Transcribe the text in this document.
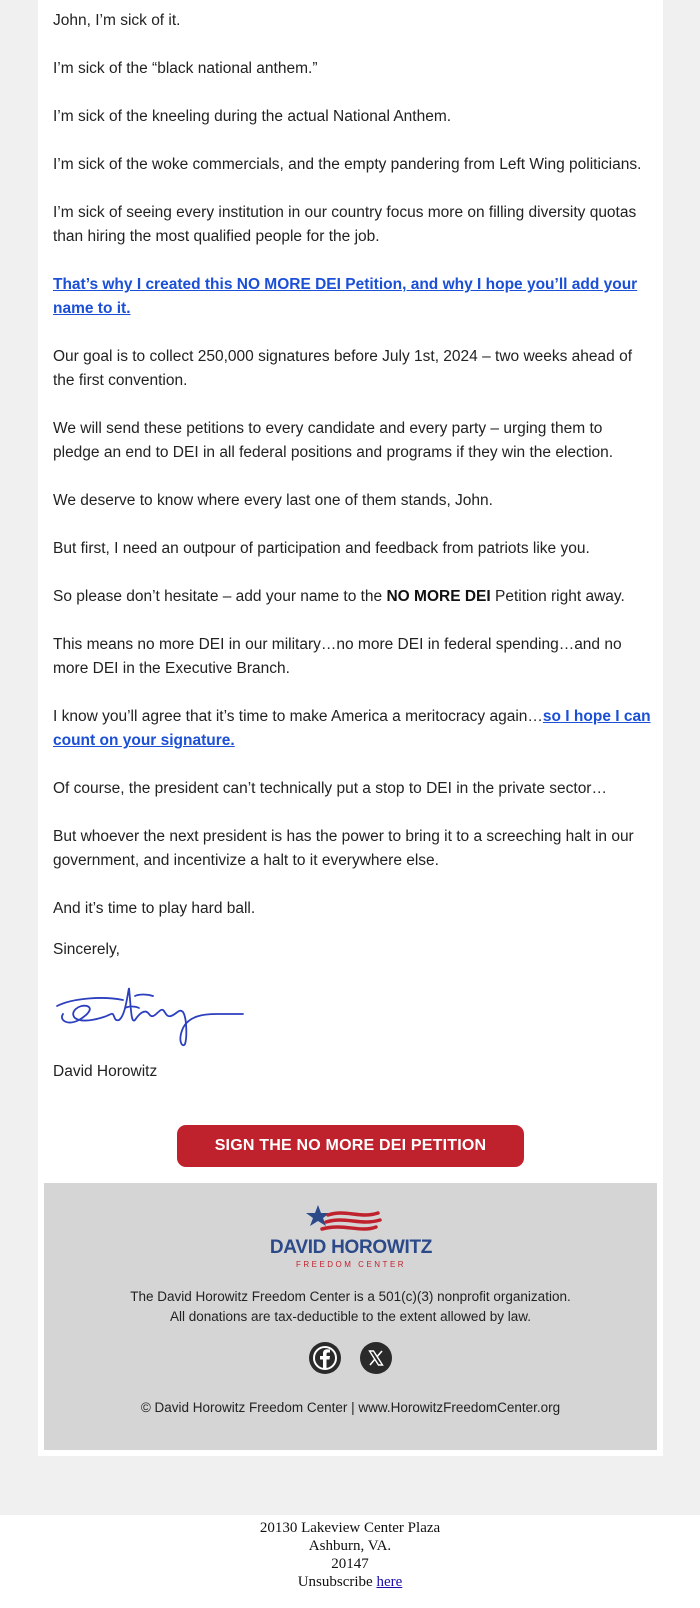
John, I’m sick of it.

I’m sick of the “black national anthem.”

I’m sick of the kneeling during the actual National Anthem.

I’m sick of the woke commercials, and the empty pandering from Left Wing politicians.

I’m sick of seeing every institution in our country focus more on filling diversity quotas than hiring the most qualified people for the job.

That’s why I created this NO MORE DEI Petition, and why I hope you’ll add your name to it.

Our goal is to collect 250,000 signatures before July 1st, 2024 – two weeks ahead of the first convention.

We will send these petitions to every candidate and every party – urging them to pledge an end to DEI in all federal positions and programs if they win the election.

We deserve to know where every last one of them stands, John.

But first, I need an outpour of participation and feedback from patriots like you.

So please don’t hesitate – add your name to the NO MORE DEI Petition right away.

This means no more DEI in our military…no more DEI in federal spending…and no more DEI in the Executive Branch.

I know you’ll agree that it’s time to make America a meritocracy again…so I hope I can count on your signature.

Of course, the president can’t technically put a stop to DEI in the private sector…

But whoever the next president is has the power to bring it to a screeching halt in our government, and incentivize a halt to it everywhere else.

And it’s time to play hard ball.

Sincerely,

David Horowitz

SIGN THE NO MORE DEI PETITION
DAVID HOROWITZ
FREEDOM CENTER
The David Horowitz Freedom Center is a 501(c)(3) nonprofit organization.
All donations are tax-deductible to the extent allowed by law.

© David Horowitz Freedom Center | www.HorowitzFreedomCenter.org
20130 Lakeview Center Plaza
Ashburn, VA.
20147
Unsubscribe here
